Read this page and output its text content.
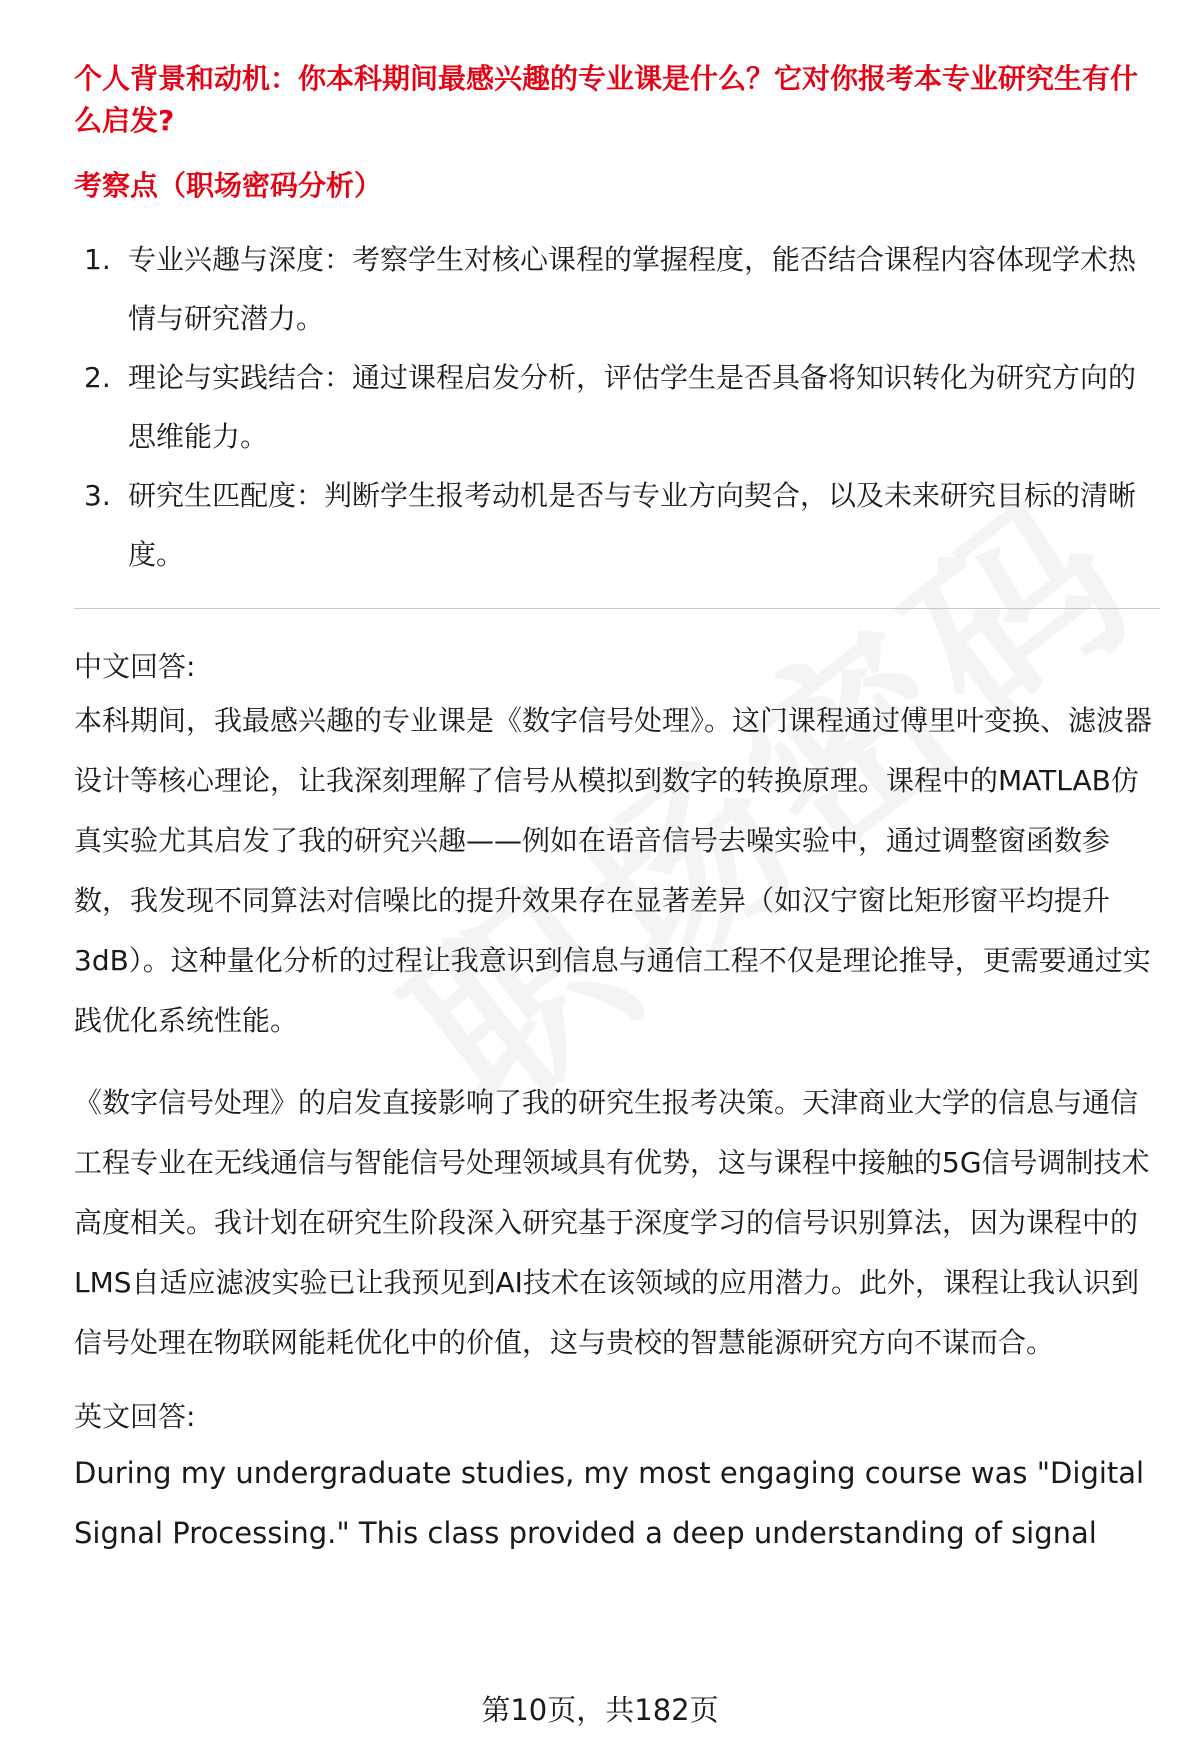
个人背景和动机：你本科期间最感兴趣的专业课是什么？它对你报考本专业研究生有什么启发?

考察点（职场密码分析）

1. 专业兴趣与深度：考察学生对核心课程的掌握程度，能否结合课程内容体现学术热情与研究潜力。
2. 理论与实践结合：通过课程启发分析，评估学生是否具备将知识转化为研究方向的思维能力。
3. 研究生匹配度：判断学生报考动机是否与专业方向契合，以及未来研究目标的清晰度。

中文回答:

本科期间，我最感兴趣的专业课是《数字信号处理》。这门课程通过傅里叶变换、滤波器设计等核心理论，让我深刻理解了信号从模拟到数字的转换原理。课程中的MATLAB仿真实验尤其启发了我的研究兴趣——例如在语音信号去噪实验中，通过调整窗函数参数，我发现不同算法对信噪比的提升效果存在显著差异（如汉宁窗比矩形窗平均提升3dB）。这种量化分析的过程让我意识到信息与通信工程不仅是理论推导，更需要通过实践优化系统性能。

《数字信号处理》的启发直接影响了我的研究生报考决策。天津商业大学的信息与通信工程专业在无线通信与智能信号处理领域具有优势，这与课程中接触的5G信号调制技术高度相关。我计划在研究生阶段深入研究基于深度学习的信号识别算法，因为课程中的LMS自适应滤波实验已让我预见到AI技术在该领域的应用潜力。此外，课程让我认识到信号处理在物联网能耗优化中的价值，这与贵校的智慧能源研究方向不谋而合。

英文回答:

During my undergraduate studies, my most engaging course was "Digital Signal Processing." This class provided a deep understanding of signal

第10页，共182页
